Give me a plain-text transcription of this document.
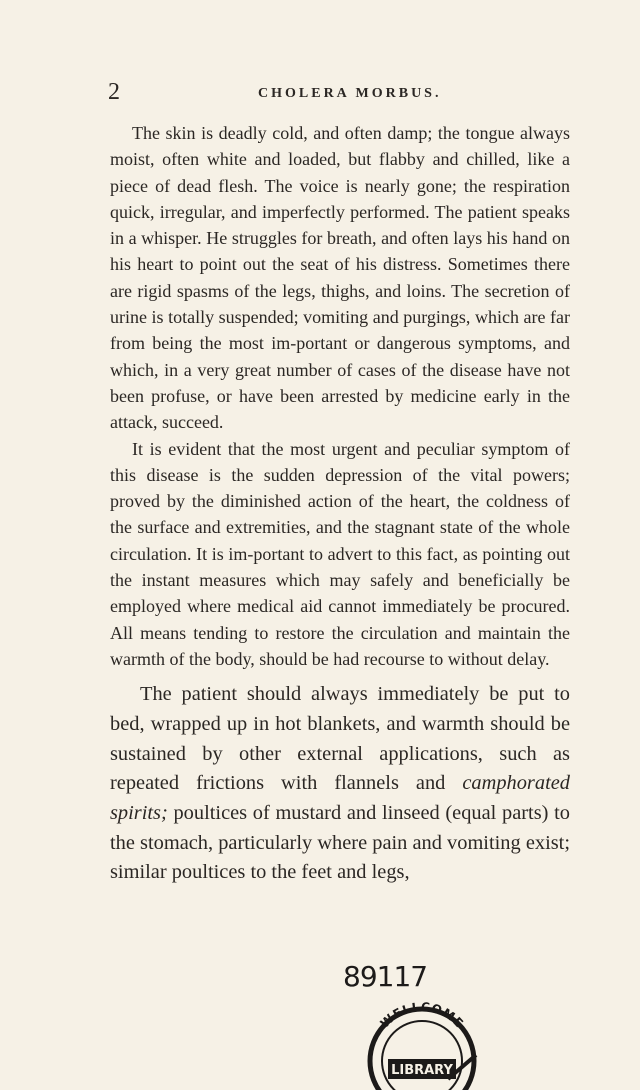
2	CHOLERA MORBUS.

The skin is deadly cold, and often damp; the tongue always moist, often white and loaded, but flabby and chilled, like a piece of dead flesh. The voice is nearly gone; the respiration quick, irregular, and imperfectly performed. The patient speaks in a whisper. He struggles for breath, and often lays his hand on his heart to point out the seat of his distress. Sometimes there are rigid spasms of the legs, thighs, and loins. The secretion of urine is totally suspended; vomiting and purgings, which are far from being the most im-portant or dangerous symptoms, and which, in a very great number of cases of the disease have not been profuse, or have been arrested by medicine early in the attack, succeed.

It is evident that the most urgent and peculiar symptom of this disease is the sudden depression of the vital powers; proved by the diminished action of the heart, the coldness of the surface and extremities, and the stagnant state of the whole circulation. It is im-portant to advert to this fact, as pointing out the instant measures which may safely and beneficially be employed where medical aid cannot immediately be procured. All means tending to restore the circulation and maintain the warmth of the body, should be had recourse to without delay.

The patient should always immediately be put to bed, wrapped up in hot blankets, and warmth should be sustained by other external applications, such as repeated frictions with flannels and camphorated spirits; poultices of mustard and linseed (equal parts) to the stomach, particularly where pain and vomiting exist; similar poultices to the feet and legs,

89117
WELLCOME
LIBRARY
